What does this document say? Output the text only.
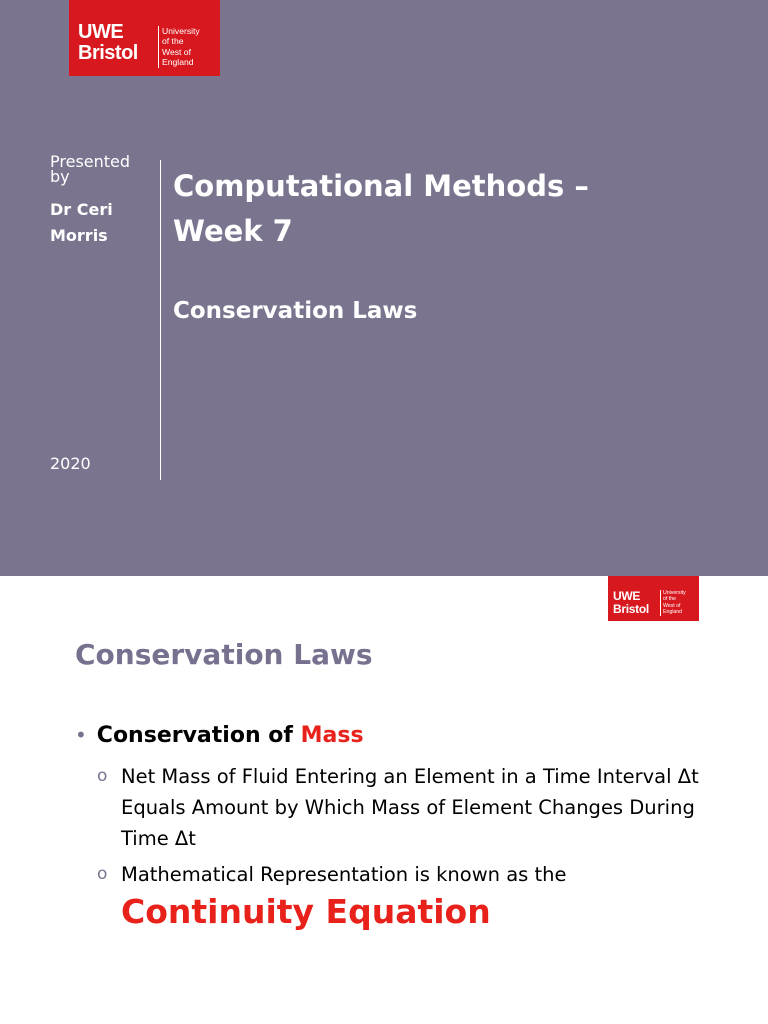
UWE
Bristol
University
of the
West of
England
Presented by
Dr Ceri
Morris
2020
Computational Methods –
Week 7
Conservation Laws
UWE
Bristol
University
of the
West of
England
Conservation Laws
• Conservation of Mass
o Net Mass of Fluid Entering an Element in a Time Interval Δt Equals Amount by Which Mass of Element Changes During Time Δt
o Mathematical Representation is known as the
Continuity Equation
